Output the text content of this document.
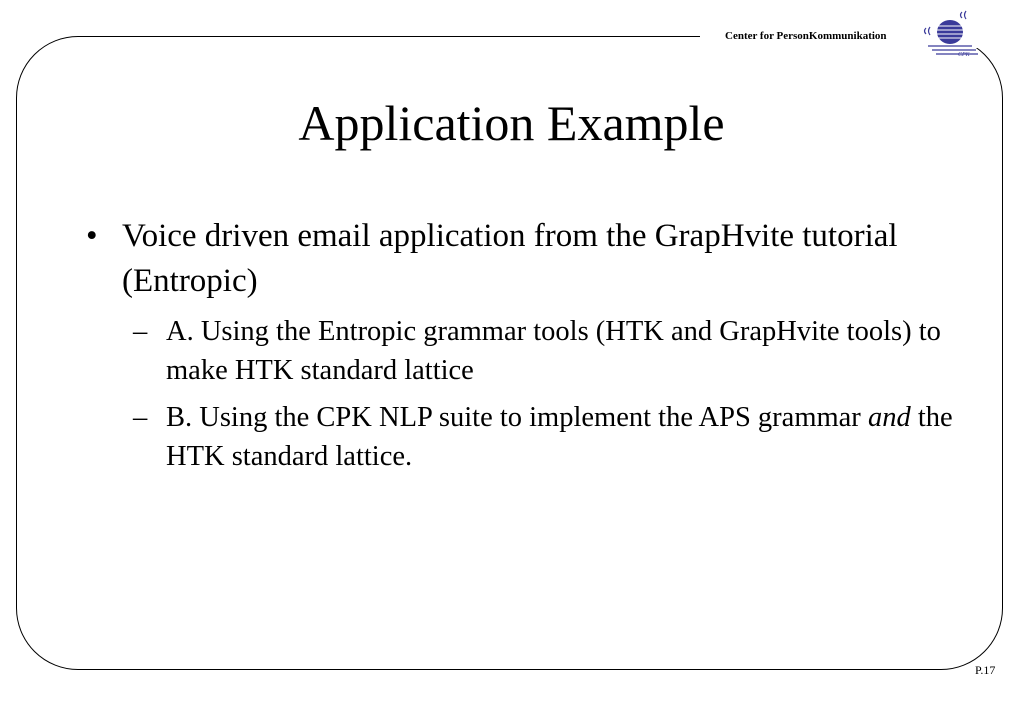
Center for PersonKommunikation
CPK
Application Example
• Voice driven email application from the GrapHvite tutorial (Entropic)
– A. Using the Entropic grammar tools (HTK and GrapHvite tools) to make HTK standard lattice
– B. Using the CPK NLP suite to implement the APS grammar and the HTK standard lattice.
P.17
